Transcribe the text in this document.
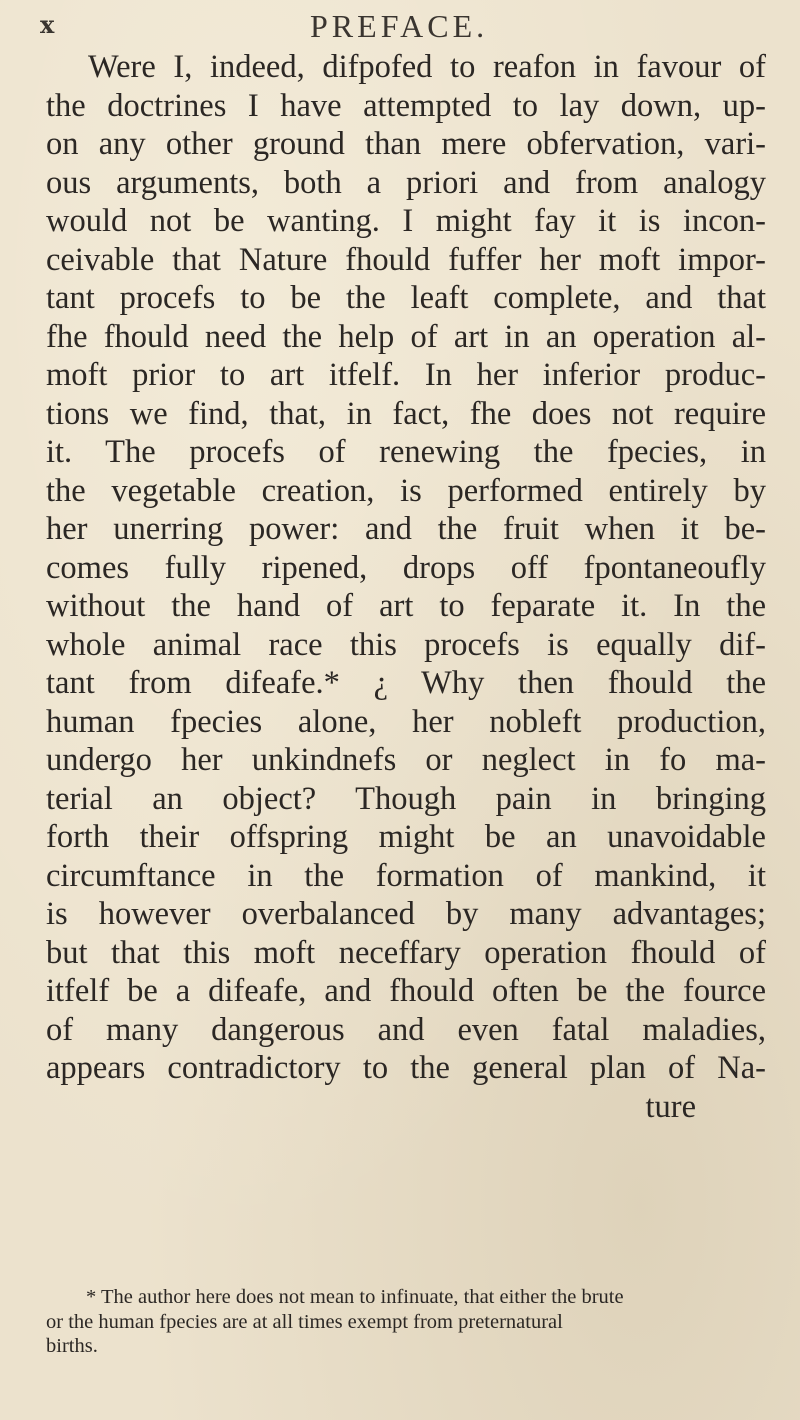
x	PREFACE.
Were I, indeed, difpofed to reafon in favour of
the doctrines I have attempted to lay down, up-
on any other ground than mere obfervation, vari-
ous arguments, both a priori and from analogy
would not be wanting. I might fay it is incon-
ceivable that Nature fhould fuffer her moft impor-
tant procefs to be the leaft complete, and that
fhe fhould need the help of art in an operation al-
moft prior to art itfelf. In her inferior produc-
tions we find, that, in fact, fhe does not require
it. The procefs of renewing the fpecies, in
the vegetable creation, is performed entirely by
her unerring power: and the fruit when it be-
comes fully ripened, drops off fpontaneoufly
without the hand of art to feparate it. In the
whole animal race this procefs is equally dif-
tant from difeafe.* ¿ Why then fhould the
human fpecies alone, her nobleft production,
undergo her unkindnefs or neglect in fo ma-
terial an object? Though pain in bringing
forth their offspring might be an unavoidable
circumftance in the formation of mankind, it
is however overbalanced by many advantages;
but that this moft neceffary operation fhould of
itfelf be a difeafe, and fhould often be the fource
of many dangerous and even fatal maladies,
appears contradictory to the general plan of Na-
ture
* The author here does not mean to infinuate, that either the brute
or the human fpecies are at all times exempt from preternatural
births.
